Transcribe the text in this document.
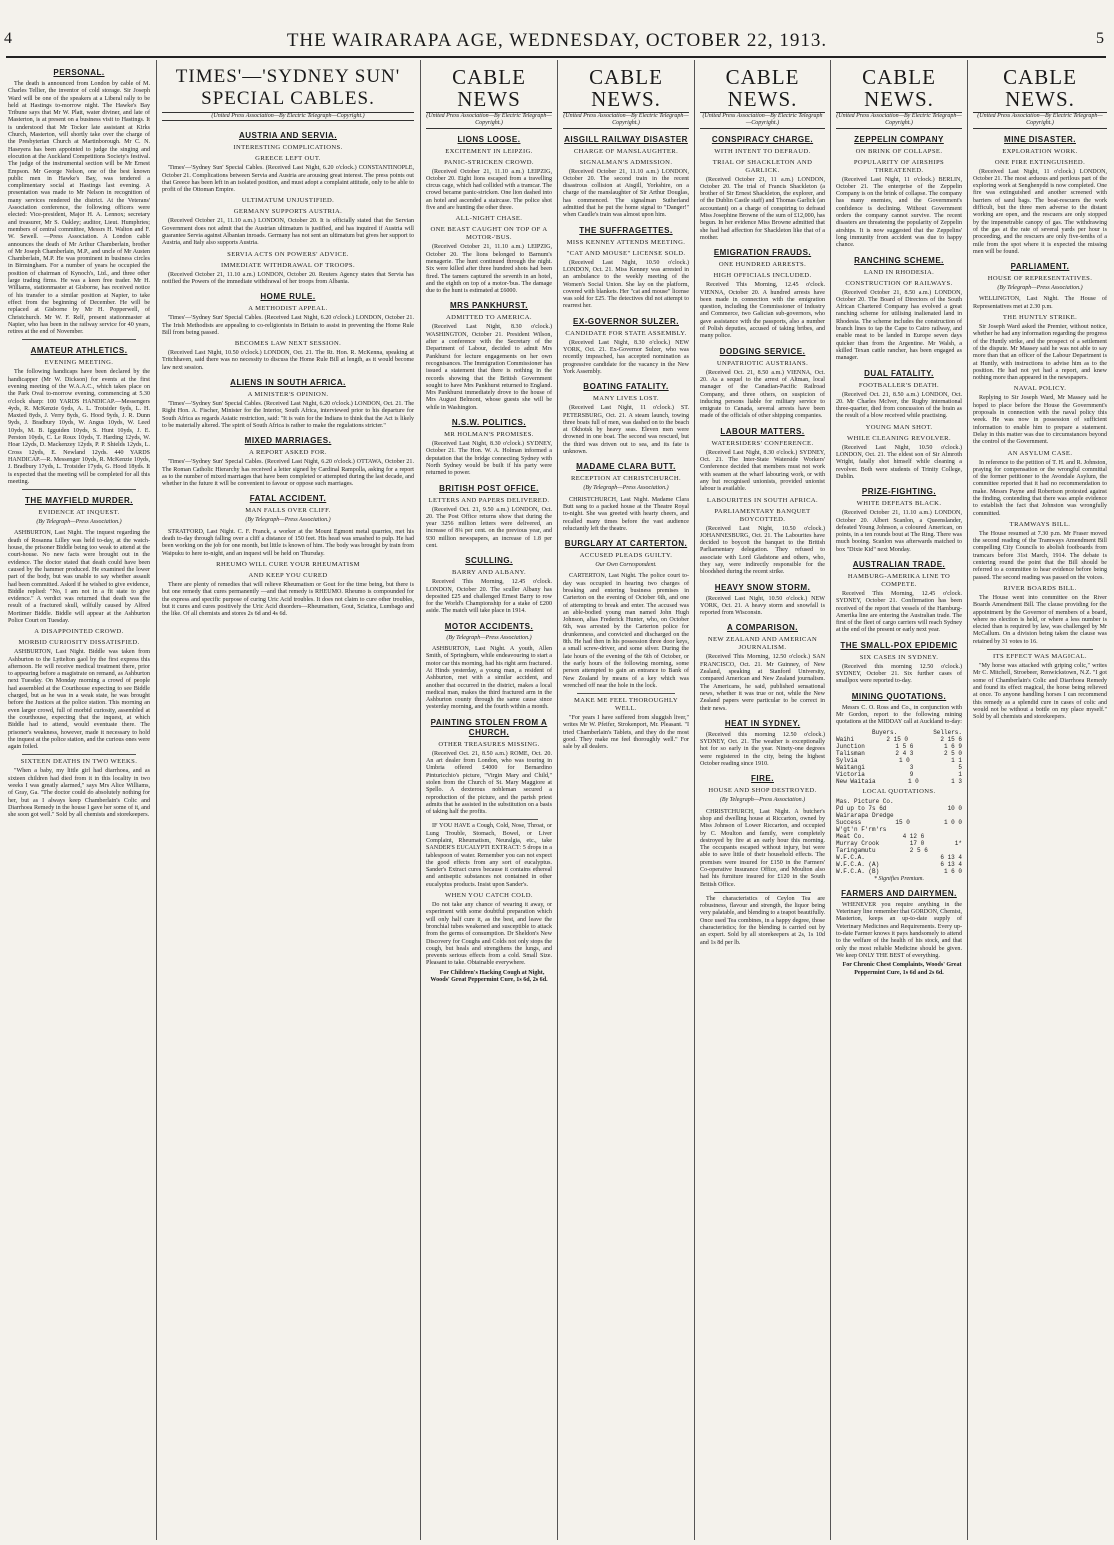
4	THE WAIRARAPA AGE, WEDNESDAY, OCTOBER 22, 1913.	5
PERSONAL.

The death is announced from London by cable of M. Charles Tellier, the inventor of cold storage. Sir Joseph Ward will be one of the speakers at a Liberal rally to be held at Hastings to-morrow night. The Hawke's Bay Tribune says that Mr W. Platt, water diviner, and late of Masterton, is at present on a business visit to Hastings. It is understood that Mr Tocker late assistant at Kirks Church, Masterton, will shortly take over the charge of the Presbyterian Church at Martinborough. Mr C. N. Haseyera has been appointed to judge the singing and elocution at the Auckland Competitions Society's festival. The judge of the instrumental section will be Mr Ernest Empson. Mr George Nelson, one of the best known public men in Hawke's Bay, was tendered a complimentary social at Hastings last evening. A presentation was made to Mr Nelson in recognition of many services rendered the district. At the Veterans' Association conference, the following officers were elected: Vice-president, Major H. A. Lennox; secretary and treasurer, Mr S. Oakley; auditor, Lieut. Humphries; members of central committee, Messrs H. Walton and F. W. Sewell. —Press Association. A London cable announces the death of Mr Arthur Chamberlain, brother of Mr Joseph Chamberlain, M.P., and uncle of Mr Austen Chamberlain, M.P. He was prominent in business circles in Birmingham. For a number of years he occupied the position of chairman of Kynoch's, Ltd., and three other large trading firms. He was a keen free trader. Mr H. Williams, stationmaster at Gisborne, has received notice of his transfer to a similar position at Napier, to take effect from the beginning of December. He will be replaced at Gisborne by Mr H. Popperwell, of Christchurch. Mr W. F. Relf, present stationmaster at Napier, who has been in the railway service for 40 years, retires at the end of November.

AMATEUR ATHLETICS.
EVENING MEETING.

The following handicaps have been declared by the handicapper (Mr W. Dickson) for events at the first evening meeting of the W.A.A.C., which takes place on the Park Oval to-morrow evening, commencing at 5.30 o'clock sharp: 100 YARDS HANDICAP.—Messengers 4yds, R. McKenzie 6yds, A. L. Trotsider 6yds, L. H. Maxted 8yds, J. Verry 8yds, G. Hood 9yds, J. R. Dunn 9yds, J. Bradbury 10yds, W. Angus 10yds, W. Leed 10yds, M. B. Igguiden 10yds, S. Hunt 10yds, J. E. Perston 10yds, C. Le Roux 10yds, T. Harding 12yds, W. Hoar 12yds, D. Mackenzey 12yds, P. P. Shields 12yds, L. Cross 12yds, E. Newland 12yds. 440 YARDS HANDICAP.—R. Messenger 10yds, R. McKenzie 10yds, J. Bradbury 17yds, L. Trotsider 17yds, G. Hood 18yds. It is expected that the meeting will be completed for all this meeting.

THE MAYFIELD MURDER.
EVIDENCE AT INQUEST.
(By Telegraph—Press Association.)

ASHBURTON, Last Night. The inquest regarding the death of Rosanna Lilley was held to-day, at the watch-house, the prisoner Biddle being too weak to attend at the court-house. No new facts were brought out in the evidence. The doctor stated that death could have been caused by the hammer produced. He examined the lower part of the body, but was unable to say whether assault had been committed. Asked if he wished to give evidence, Biddle replied: "No, I am not in a fit state to give evidence." A verdict was returned that death was the result of a fractured skull, wilfully caused by Alfred Mortimer Biddle. Biddle will appear at the Ashburton Police Court on Tuesday.

A DISAPPOINTED CROWD.
MORBID CURIOSITY DISSATISFIED.

ASHBURTON, Last Night. Biddle was taken from Ashburton to the Lyttelton gaol by the first express this afternoon. He will receive medical treatment there, prior to appearing before a magistrate on remand, as Ashburton next Tuesday. On Monday morning a crowd of people had assembled at the Courthouse expecting to see Biddle charged, but as he was in a weak state, he was brought before the Justices at the police station. This morning an even larger crowd, full of morbid curiosity, assembled at the courthouse, expecting that the inquest, at which Biddle had to attend, would eventuate there. The prisoner's weakness, however, made it necessary to hold the inquest at the police station, and the curious ones were again foiled.

SIXTEEN DEATHS IN TWO WEEKS.

"When a baby, my little girl had diarrhoea, and as sixteen children had died from it in this locality in two weeks I was greatly alarmed," says Mrs Alice Williams, of Gray, Ga. "The doctor could do absolutely nothing for her, but as I always keep Chamberlain's Colic and Diarrhoea Remedy in the house I gave her some of it, and she soon got well." Sold by all chemists and storekeepers.

TIMES'—'SYDNEY SUN' SPECIAL CABLES.
(United Press Association—By Electric Telegraph—Copyright.)
AUSTRIA AND SERVIA.
INTERESTING COMPLICATIONS.
GREECE LEFT OUT.

'Times'—'Sydney Sun' Special Cables. (Received Last Night, 6.20 o'clock.) CONSTANTINOPLE, October 21. Complications between Servia and Austria are arousing great interest. The press points out that Greece has been left in an isolated position, and must adopt a complaint attitude, only to be able to profit of the Ottoman Empire.

ULTIMATUM UNJUSTIFIED.
GERMANY SUPPORTS AUSTRIA.

(Received October 21, 11.10 a.m.) LONDON, October 20. It is officially stated that the Servian Government does not admit that the Austrian ultimatum is justified, and has inquired if Austria will guarantee Servia against Albanian inroads. Germany has not sent an ultimatum but gives her support to Austria, and Italy also supports Austria.

SERVIA ACTS ON POWERS' ADVICE.
IMMEDIATE WITHDRAWAL OF TROOPS.

(Received October 21, 11.10 a.m.) LONDON, October 20. Reuters Agency states that Servia has notified the Powers of the immediate withdrawal of her troops from Albania.

HOME RULE.
A METHODIST APPEAL.

'Times'—'Sydney Sun' Special Cables. (Received Last Night, 6.20 o'clock.) LONDON, October 21. The Irish Methodists are appealing to co-religionists in Britain to assist in preventing the Home Rule Bill from being passed.

BECOMES LAW NEXT SESSION.

(Received Last Night, 10.50 o'clock.) LONDON, Oct. 21. The Rt. Hon. R. McKenna, speaking at Tritchhaven, said there was no necessity to discuss the Home Rule Bill at length, as it would become law next session.

ALIENS IN SOUTH AFRICA.
A MINISTER'S OPINION.

'Times'—'Sydney Sun' Special Cables. (Received Last Night, 6.20 o'clock.) LONDON, Oct. 21. The Right Hon. A. Fischer, Minister for the Interior, South Africa, interviewed prior to his departure for South Africa as regards Asiatic restriction, said: "It is vain for the Indians to think that the Act is likely to be materially altered. The spirit of South Africa is rather to make the regulations stricter."

MIXED MARRIAGES.
A REPORT ASKED FOR.

'Times'—'Sydney Sun' Special Cables. (Received Last Night, 6.20 o'clock.) OTTAWA, October 21. The Roman Catholic Hierarchy has received a letter signed by Cardinal Rampolla, asking for a report as to the number of mixed marriages that have been completed or attempted during the last decade, and whether in the future it will be convenient to favour or oppose such marriages.

FATAL ACCIDENT.
MAN FALLS OVER CLIFF.
(By Telegraph—Press Association.)

STRATFORD, Last Night. C. F. Franck, a worker at the Mount Egmont metal quarries, met his death to-day through falling over a cliff a distance of 150 feet. His head was smashed to pulp. He had been working on the job for one month, but little is known of him. The body was brought by train from Waipuku to here to-night, and an inquest will be held on Thursday.

RHEUMO WILL CURE YOUR RHEUMATISM
AND KEEP YOU CURED

There are plenty of remedies that will relieve Rheumatism or Gout for the time being, but there is but one remedy that cures permanently —and that remedy is RHEUMO. Rheumo is compounded for the express and specific purpose of curing Uric Acid troubles. It does not claim to cure other troubles, but it cures and cures positively the Uric Acid disorders—Rheumatism, Gout, Sciatica, Lumbago and the like. Of all chemists and stores 2s 6d and 4s 6d.

CABLE NEWS
(United Press Association—By Electric Telegraph—Copyright.)
LIONS LOOSE.
EXCITEMENT IN LEIPZIG.
PANIC-STRICKEN CROWD.

(Received October 21, 11.10 a.m.) LEIPZIG, October 20. Eight lions escaped from a travelling circus cage, which had collided with a tramcar. The crowd became panic-stricken. One lion dashed into an hotel and ascended a staircase. The police shot five and are hunting the other three.

ALL-NIGHT CHASE.
ONE BEAST CAUGHT ON TOP OF A MOTOR-'BUS.

(Received October 21, 11.10 a.m.) LEIPZIG, October 20. The lions belonged to Barnum's menagerie. The hunt continued through the night. Six were killed after three hundred shots had been fired. The tamers captured the seventh in an hotel, and the eighth on top of a motor-'bus. The damage due to the hunt is estimated at £6000.

MRS PANKHURST.
ADMITTED TO AMERICA.

(Received Last Night, 8.30 o'clock.) WASHINGTON, October 21. President Wilson, after a conference with the Secretary of the Department of Labour, decided to admit Mrs Pankhurst for lecture engagements on her own recognisances. The Immigration Commissioner has issued a statement that there is nothing in the records showing that the British Government sought to have Mrs Pankhurst returned to England. Mrs Pankhurst immediately drove to the house of Mrs August Belmont, whose guests she will be while in Washington.

N.S.W. POLITICS.
MR HOLMAN'S PROMISES.

(Received Last Night, 8.30 o'clock.) SYDNEY, October 21. The Hon. W. A. Holman informed a deputation that the bridge connecting Sydney with North Sydney would be built if his party were returned to power.

BRITISH POST OFFICE.
LETTERS AND PAPERS DELIVERED.

(Received Oct. 21, 9.50 a.m.) LONDON, Oct. 20. The Post Office returns show that during the year 3256 million letters were delivered, an increase of 8¼ per cent. on the previous year, and 930 million newspapers, an increase of 1.8 per cent.

SCULLING.
BARRY AND ALBANY.

Received This Morning, 12.45 o'clock. LONDON, October 20. The sculler Albany has deposited £25 and challenged Ernest Barry to row for the World's Championship for a stake of £200 aside. The match will take place in 1914.

MOTOR ACCIDENTS.
(By Telegraph—Press Association.)

ASHBURTON, Last Night. A youth, Allen Smith, of Springburn, while endeavouring to start a motor car this morning, had his right arm fractured. At Hinds yesterday, a young man, a resident of Ashburton, met with a similar accident, and another that occurred in the district, makes a local medical man, makes the third fractured arm in the Ashburton county through the same cause since yesterday morning, and the fourth within a month.

PAINTING STOLEN FROM A CHURCH.
OTHER TREASURES MISSING.

(Received Oct. 21, 8.50 a.m.) ROME, Oct. 20. An art dealer from London, who was touring in Umbria offered £4000 for Bernardino Pinturicchio's picture, "Virgin Mary and Child," stolen from the Church of St. Mary Maggiore at Spello. A dexterous nobleman secured a reproduction of the picture, and the parish priest admits that he assisted in the substitution on a basis of taking half the profits.

IF YOU HAVE a Cough, Cold, Nose, Throat, or Lung Trouble, Stomach, Bowel, or Liver Complaint, Rheumatism, Neuralgia, etc., take SANDER'S EUCALYPTI EXTRACT: 5 drops in a tablespoon of water. Remember you can not expect the good effects from any sort of eucalyptus. Sander's Extract cures because it contains ethereal and antiseptic substances not contained in other eucalyptus products. Insist upon Sander's.

WHEN YOU CATCH COLD.

Do not take any chance of wearing it away, or experiment with some doubtful preparation which will only half cure it, as the best, and leave the bronchial tubes weakened and susceptible to attack from the germs of consumption. Dr Sheldon's New Discovery for Coughs and Colds not only stops the cough, but heals and strengthens the lungs, and prevents serious effects from a cold. Small Size. Pleasant to take. Obtainable everywhere.

For Children's Hacking Cough at Night, Woods' Great Peppermint Cure, 1s 6d, 2s 6d.

CABLE NEWS.
(United Press Association—By Electric Telegraph—Copyright.)
AISGILL RAILWAY DISASTER
CHARGE OF MANSLAUGHTER.
SIGNALMAN'S ADMISSION.

(Received October 21, 11.10 a.m.) LONDON, October 20. The second train in the recent disastrous collision at Aisgill, Yorkshire, on a charge of the manslaughter of Sir Arthur Douglas, has commenced. The signalman Sutherland admitted that he put the home signal to "Danger!" when Caudle's train was almost upon him.

THE SUFFRAGETTES.
MISS KENNEY ATTENDS MEETING.
"CAT AND MOUSE" LICENSE SOLD.

(Received Last Night, 10.50 o'clock.) LONDON, Oct. 21. Miss Kenney was arrested in an ambulance to the weekly meeting of the Women's Social Union. She lay on the platform, covered with blankets. Her "cat and mouse" license was sold for £25. The detectives did not attempt to rearrest her.

EX-GOVERNOR SULZER.
CANDIDATE FOR STATE ASSEMBLY.

(Received Last Night, 8.30 o'clock.) NEW YORK, Oct. 21. Ex-Governor Sulzer, who was recently impeached, has accepted nomination as progressive candidate for the vacancy in the New York Assembly.

BOATING FATALITY.
MANY LIVES LOST.

(Received Last Night, 11 o'clock.) ST. PETERSBURG, Oct. 21. A steam launch, towing three boats full of men, was dashed on to the beach at Okhotsk by heavy seas. Eleven men were drowned in one boat. The second was rescued, but the third was driven out to sea, and its fate is unknown.

MADAME CLARA BUTT.
RECEPTION AT CHRISTCHURCH.
(By Telegraph—Press Association.)

CHRISTCHURCH, Last Night. Madame Clara Butt sang to a packed house at the Theatre Royal to-night. She was greeted with hearty cheers, and recalled many times before the vast audience reluctantly left the theatre.

BURGLARY AT CARTERTON.
ACCUSED PLEADS GUILTY.
Our Own Correspondent.

CARTERTON, Last Night. The police court to-day was occupied in hearing two charges of breaking and entering business premises in Carterton on the evening of October 6th, and one of attempting to break and enter. The accused was an able-bodied young man named John Hugh Johnson, alias Frederick Hunter, who, on October 6th, was arrested by the Carterton police for drunkenness, and convicted and discharged on the 8th. He had then in his possession three door keys, a small screw-driver, and some silver. During the late hours of the evening of the 6th of October, or the early hours of the following morning, some person attempted to gain an entrance to Bank of New Zealand by means of a key which was wrenched off near the hole in the lock.

MAKE ME FEEL THOROUGHLY WELL.

"For years I have suffered from sluggish liver," writes Mr W. Pfeifer, Strokenport, Mr. Pleasant. "I tried Chamberlain's Tablets, and they do the most good. They make me feel thoroughly well." For sale by all dealers.

CABLE NEWS.
(United Press Association—By Electric Telegraph—Copyright.)
CONSPIRACY CHARGE.
WITH INTENT TO DEFRAUD.
TRIAL OF SHACKLETON AND GARLICK.

(Received October 21, 11 a.m.) LONDON, October 20. The trial of Francis Shackleton (a brother of Sir Ernest Shackleton, the explorer, and of the Dublin Castle staff) and Thomas Garlick (an accountant) on a charge of conspiring to defraud Miss Josephine Browne of the sum of £12,000, has begun. In her evidence Miss Browne admitted that she had had affection for Shackleton like that of a mother.

EMIGRATION FRAUDS.
ONE HUNDRED ARRESTS.
HIGH OFFICIALS INCLUDED.

Received This Morning, 12.45 o'clock. VIENNA, October 20. A hundred arrests have been made in connection with the emigration question, including the Commissioner of Industry and Commerce, two Galician sub-governors, who gave assistance with the passports, also a number of Polish deputies, accused of taking bribes, and many police.

DODGING SERVICE.
UNPATRIOTIC AUSTRIANS.

(Received Oct. 21, 8.50 a.m.) VIENNA, Oct. 20. As a sequel to the arrest of Altman, local manager of the Canadian-Pacific Railroad Company, and three others, on suspicion of inducing persons liable for military service to emigrate to Canada, several arrests have been made of the officials of other shipping companies.

LABOUR MATTERS.
WATERSIDERS' CONFERENCE.

(Received Last Night, 8.30 o'clock.) SYDNEY, Oct. 21. The Inter-State Waterside Workers' Conference decided that members must not work with seamen at the wharf labouring work, or with any but recognised unionists, provided unionist labour is available.

LABOURITES IN SOUTH AFRICA.
PARLIAMENTARY BANQUET BOYCOTTED.

(Received Last Night, 10.50 o'clock.) JOHANNESBURG, Oct. 21. The Labourites have decided to boycott the banquet to the British Parliamentary delegation. They refused to associate with Lord Gladstone and others, who, they say, were indirectly responsible for the bloodshed during the recent strike.

HEAVY SNOW STORM.

(Received Last Night, 10.50 o'clock.) NEW YORK, Oct. 21. A heavy storm and snowfall is reported from Wisconsin.

A COMPARISON.
NEW ZEALAND AND AMERICAN JOURNALISM.

(Received This Morning, 12.50 o'clock.) SAN FRANCISCO, Oct. 21. Mr Guinney, of New Zealand, speaking at Stanford University, compared American and New Zealand journalism. The Americans, he said, published sensational news, whether it was true or not, while the New Zealand papers were particular to be correct in their news.

HEAT IN SYDNEY.

(Received this morning 12.50 o'clock.) SYDNEY, Oct. 21. The weather is exceptionally hot for so early in the year. Ninety-one degrees were registered in the city, being the highest October reading since 1910.

FIRE.
HOUSE AND SHOP DESTROYED.
(By Telegraph—Press Association.)

CHRISTCHURCH, Last Night. A butcher's shop and dwelling house at Riccarton, owned by Miss Johnson of Lower Riccarton, and occupied by C. Moulton and family, were completely destroyed by fire at an early hour this morning. The occupants escaped without injury, but were able to save little of their household effects. The premises were insured for £150 in the Farmers' Co-operative Insurance Office, and Moulton also had his furniture insured for £120 in the South British Office.

The characteristics of Ceylon Tea are robustness, flavour and strength, the liquor being very palatable, and blending to a teapot beautifully. Once used Tea combines, in a happy degree, those characteristics; for the blending is carried out by an expert. Sold by all storekeepers at 2s, 1s 10d and 1s 8d per lb.

CABLE NEWS.
(United Press Association—By Electric Telegraph—Copyright.)
ZEPPELIN COMPANY
ON BRINK OF COLLAPSE.
POPULARITY OF AIRSHIPS THREATENED.

(Received Last Night, 11 o'clock.) BERLIN, October 21. The enterprise of the Zeppelin Company is on the brink of collapse. The company has many enemies, and the Government's confidence is declining. Without Government orders the company cannot survive. The recent disasters are threatening the popularity of Zeppelin airships. It is now suggested that the Zeppelins' long immunity from accident was due to happy chance.

RANCHING SCHEME.
LAND IN RHODESIA.
CONSTRUCTION OF RAILWAYS.

(Received October 21, 8.50 a.m.) LONDON, October 20. The Board of Directors of the South African Chartered Company has evolved a great ranching scheme for utilising inalienated land in Rhodesia. The scheme includes the construction of branch lines to tap the Cape to Cairo railway, and enable meat to be landed in Europe seven days quicker than from the Argentine. Mr Walsh, a skilled Texan cattle rancher, has been engaged as manager.

DUAL FATALITY.
FOOTBALLER'S DEATH.

(Received Oct. 21, 8.50 a.m.) LONDON, Oct. 20. Mr Charles McIver, the Rugby international three-quarter, died from concussion of the brain as the result of a blow received while practising.

YOUNG MAN SHOT.
WHILE CLEANING REVOLVER.

(Received Last Night, 10.50 o'clock.) LONDON, Oct. 21. The eldest son of Sir Almroth Wright, fatally shot himself while cleaning a revolver. Both were students of Trinity College, Dublin.

PRIZE-FIGHTING.
WHITE DEFEATS BLACK.

(Received October 21, 11.10 a.m.) LONDON, October 20. Albert Scanlon, a Queenslander, defeated Young Johnson, a coloured American, on points, in a ten rounds bout at The Ring. There was much booing. Scanlon was afterwards matched to box "Dixie Kid" next Monday.

AUSTRALIAN TRADE.
HAMBURG-AMERIKA LINE TO COMPETE.

Received This Morning, 12.45 o'clock. SYDNEY, October 21. Confirmation has been received of the report that vessels of the Hamburg-Amerika line are entering the Australian trade. The first of the fleet of cargo carriers will reach Sydney at the end of the present or early next year.

THE SMALL-POX EPIDEMIC
SIX CASES IN SYDNEY.

(Received this morning 12.50 o'clock.) SYDNEY, October 21. Six further cases of smallpox were reported to-day.

MINING QUOTATIONS.

Messrs C. O. Ross and Co., in conjunction with Mr Gordon, report to the following mining quotations at the MIDDAY call at Auckland to-day:

Buyers.	Sellers.
Waihi	2 15 0	2 15 6
Junction	1 5 6	1 6 9
Talisman	2 4 3	2 5 0
Sylvia	1 0	1 1
Waitangi	3	5
Victoria	9	1
New Waitaia	1 0	1 3
LOCAL QUOTATIONS.
Mas. Picture Co.
Pd up to 7s 6d	10 0
Wairarapa Dredge
Success	15 0	1 0 0
W'gt'n F'rm'rs
Meat Co.	4 12 6
Murray Crook	17 0	1*
Taringamutu	2 5 6
W.F.C.A.	6 13 4
W.F.C.A. (A)	6 13 4
W.F.C.A. (B)	1 6 0
* Signifies Premium.
FARMERS AND DAIRYMEN.

WHENEVER you require anything in the Veterinary line remember that GORDON, Chemist, Masterton, keeps an up-to-date supply of Veterinary Medicines and Requirements. Every up-to-date Farmer knows it pays handsomely to attend to the welfare of the health of his stock, and that only the most reliable Medicine should be given. We keep ONLY THE BEST of everything.

For Chronic Chest Complaints, Woods' Great Peppermint Cure, 1s 6d and 2s 6d.

CABLE NEWS.
(United Press Association—By Electric Telegraph—Copyright.)
MINE DISASTER.
EXPLORATION WORK.
ONE FIRE EXTINGUISHED.

(Received Last Night, 11 o'clock.) LONDON, October 21. The most arduous and perilous part of the exploring work at Senghenydd is now completed. One fire was extinguished and another screened with barriers of sand bags. The boat-rescuers the work difficult, but the three men adverse to the distant working are open, and the rescuers are only stopped by the impenetrable canopy of gas. The withdrawing of the gas at the rate of several yards per hour is proceeding, and the rescuers are only five-tenths of a mile from the spot where it is expected the missing men will be found.

PARLIAMENT.
HOUSE OF REPRESENTATIVES.
(By Telegraph—Press Association.)

WELLINGTON, Last Night. The House of Representatives met at 2.30 p.m.

THE HUNTLY STRIKE.

Sir Joseph Ward asked the Premier, without notice, whether he had any information regarding the progress of the Huntly strike, and the prospect of a settlement of the dispute. Mr Massey said he was not able to say more than that an officer of the Labour Department is at Huntly, with instructions to advise him as to the position. He had not yet had a report, and knew nothing more than appeared in the newspapers.

NAVAL POLICY.

Replying to Sir Joseph Ward, Mr Massey said he hoped to place before the House the Government's proposals in connection with the naval policy this week. He was now in possession of sufficient information to enable him to prepare a statement. Delay in this matter was due to circumstances beyond the control of the Government.

AN ASYLUM CASE.

In reference to the petition of T. H. and R. Johnston, praying for compensation or the wrongful committal of the former petitioner to the Avondale Asylum, the committee reported that it had no recommendation to make. Messrs Payne and Robertson protested against the finding, contending that there was ample evidence to establish the fact that Johnston was wrongfully committed.

TRAMWAYS BILL.

The House resumed at 7.30 p.m. Mr Fraser moved the second reading of the Tramways Amendment Bill compelling City Councils to abolish footboards from tramcars before 31st March, 1914. The debate is centering round the point that the Bill should be referred to a committee to hear evidence before being passed. The second reading was passed on the voices.

RIVER BOARDS BILL.

The House went into committee on the River Boards Amendment Bill. The clause providing for the appointment by the Governor of members of a board, where no election is held, or where a less number is elected than is required by law, was challenged by Mr McCallum. On a division being taken the clause was retained by 31 votes to 16.

ITS EFFECT WAS MAGICAL.

"My horse was attacked with griping colic," writes Mr C. Mitchell, Stroebeer, Renwickstown, N.Z. "I got some of Chamberlain's Colic and Diarrhoea Remedy and found its effect magical, the horse being relieved at once. To anyone handling horses I can recommend this remedy as a splendid cure in cases of colic and would not be without a bottle on my place myself." Sold by all chemists and storekeepers.
